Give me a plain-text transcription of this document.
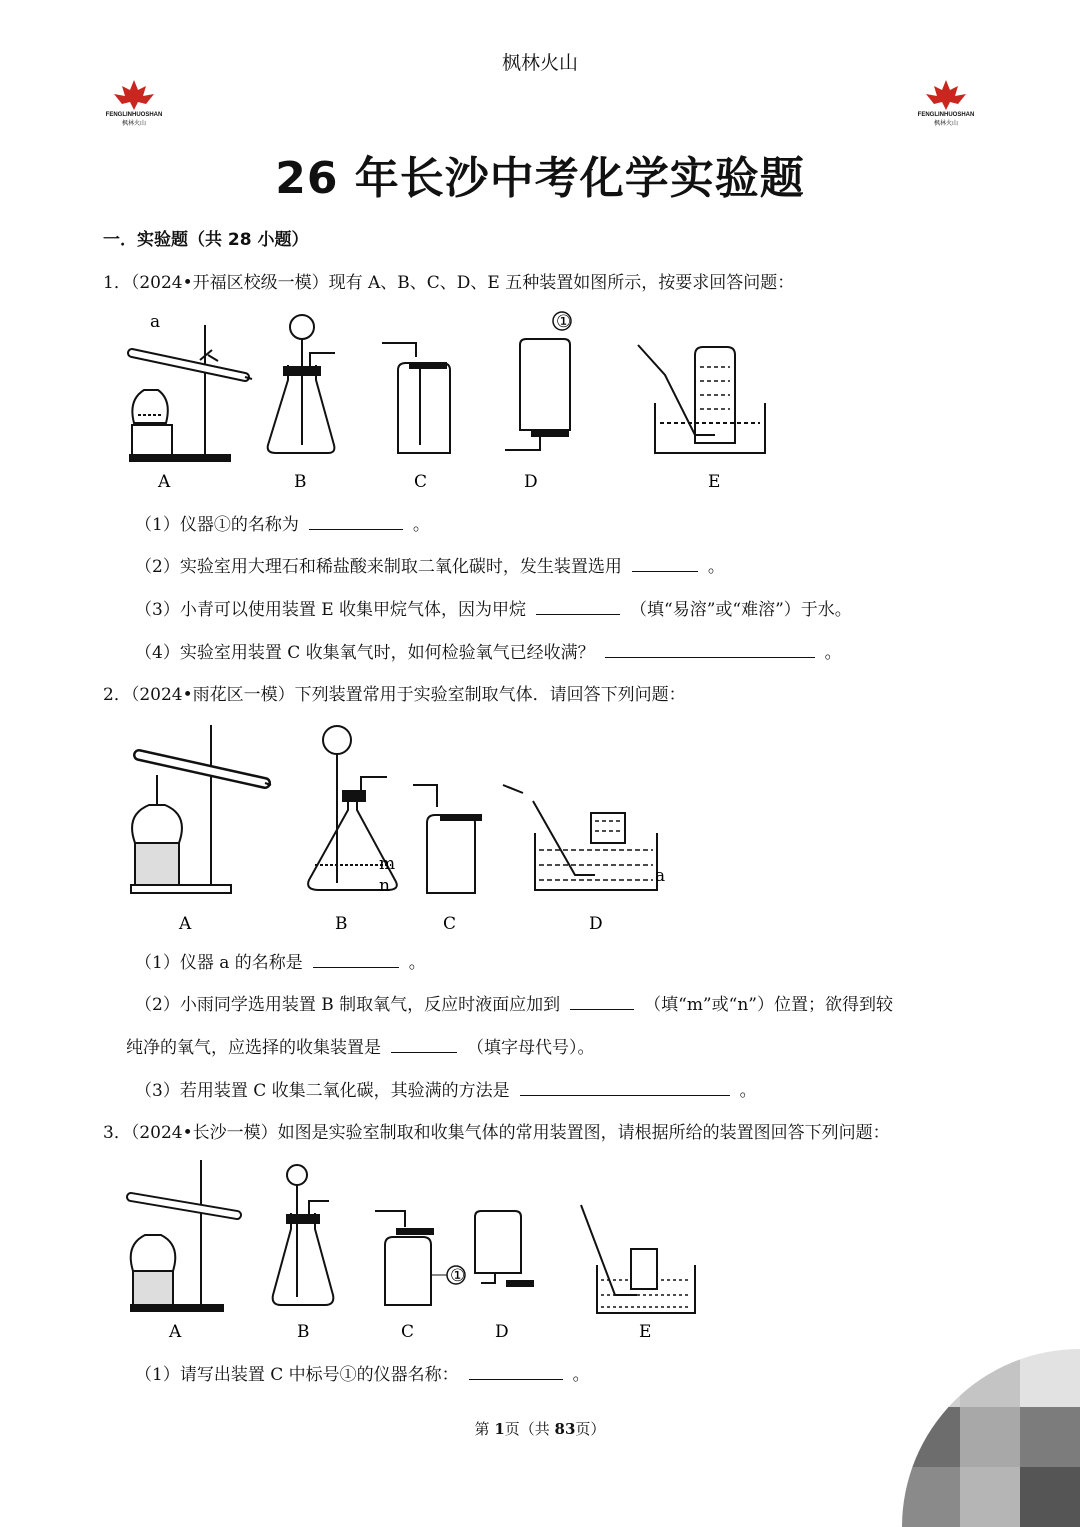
枫林火山
FENGLINHUOSHAN
枫林火山
FENGLINHUOSHAN
枫林火山
26 年长沙中考化学实验题
一．实验题（共 28 小题）
1．（2024•开福区校级一模）现有 A、B、C、D、E 五种装置如图所示，按要求回答问题：
a	①
A	B	C	D	E
（1）仪器①的名称为	。
（2）实验室用大理石和稀盐酸来制取二氧化碳时，发生装置选用	。
（3）小青可以使用装置 E 收集甲烷气体，因为甲烷	（填“易溶”或“难溶”）于水。
（4）实验室用装置 C 收集氧气时，如何检验氧气已经收满？	。
2．（2024•雨花区一模）下列装置常用于实验室制取气体．请回答下列问题：
m
n	a
A	B	C	D
（1）仪器 a 的名称是	。
（2）小雨同学选用装置 B 制取氧气，反应时液面应加到	（填“m”或“n”）位置；欲得到较
纯净的氧气，应选择的收集装置是	（填字母代号）。
（3）若用装置 C 收集二氧化碳，其验满的方法是	。
3．（2024•长沙一模）如图是实验室制取和收集气体的常用装置图，请根据所给的装置图回答下列问题：
①
A	B	C	D	E
（1）请写出装置 C 中标号①的仪器名称：	。
第 1页（共 83页）
